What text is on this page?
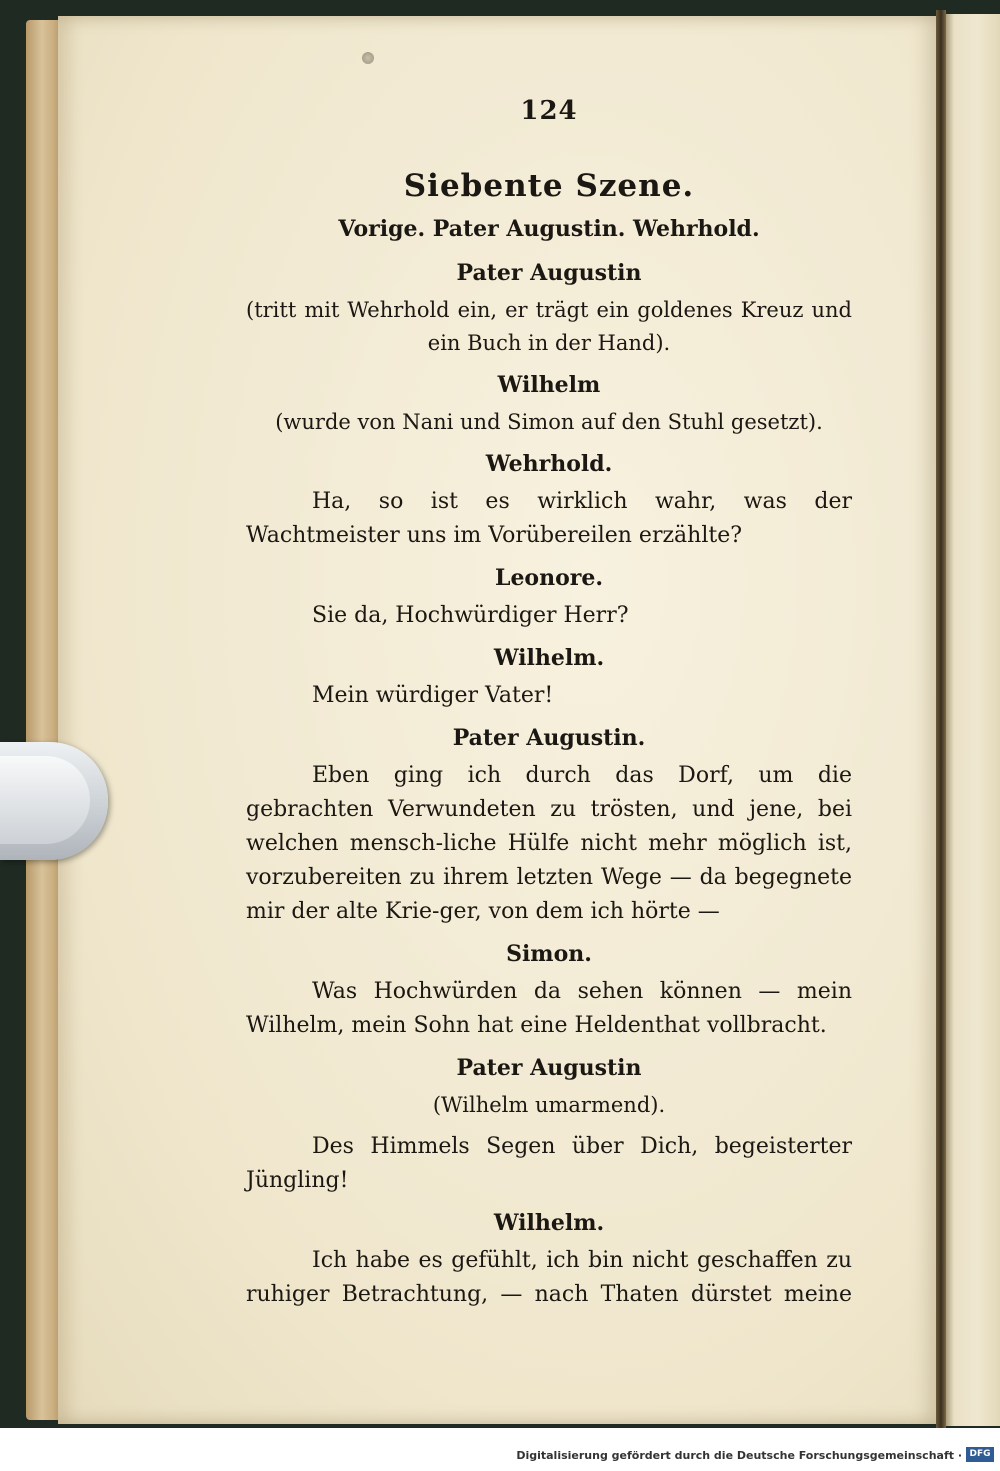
124
Siebente Szene.
Vorige. Pater Augustin. Wehrhold.
Pater Augustin
(tritt mit Wehrhold ein, er trägt ein goldenes Kreuz und ein Buch in der Hand).
Wilhelm
(wurde von Nani und Simon auf den Stuhl gesetzt).
Wehrhold.
Ha, so ist es wirklich wahr, was der Wachtmeister uns im Vorübereilen erzählte?
Leonore.
Sie da, Hochwürdiger Herr?
Wilhelm.
Mein würdiger Vater!
Pater Augustin.
Eben ging ich durch das Dorf, um die gebrachten Verwundeten zu trösten, und jene, bei welchen mensch-liche Hülfe nicht mehr möglich ist, vorzubereiten zu ihrem letzten Wege — da begegnete mir der alte Krie-ger, von dem ich hörte —
Simon.
Was Hochwürden da sehen können — mein Wilhelm, mein Sohn hat eine Heldenthat vollbracht.
Pater Augustin
(Wilhelm umarmend).
Des Himmels Segen über Dich, begeisterter Jüngling!
Wilhelm.
Ich habe es gefühlt, ich bin nicht geschaffen zu ruhiger Betrachtung, — nach Thaten dürstet meine
Digitalisierung gefördert durch die Deutsche Forschungsgemeinschaft · DFG
